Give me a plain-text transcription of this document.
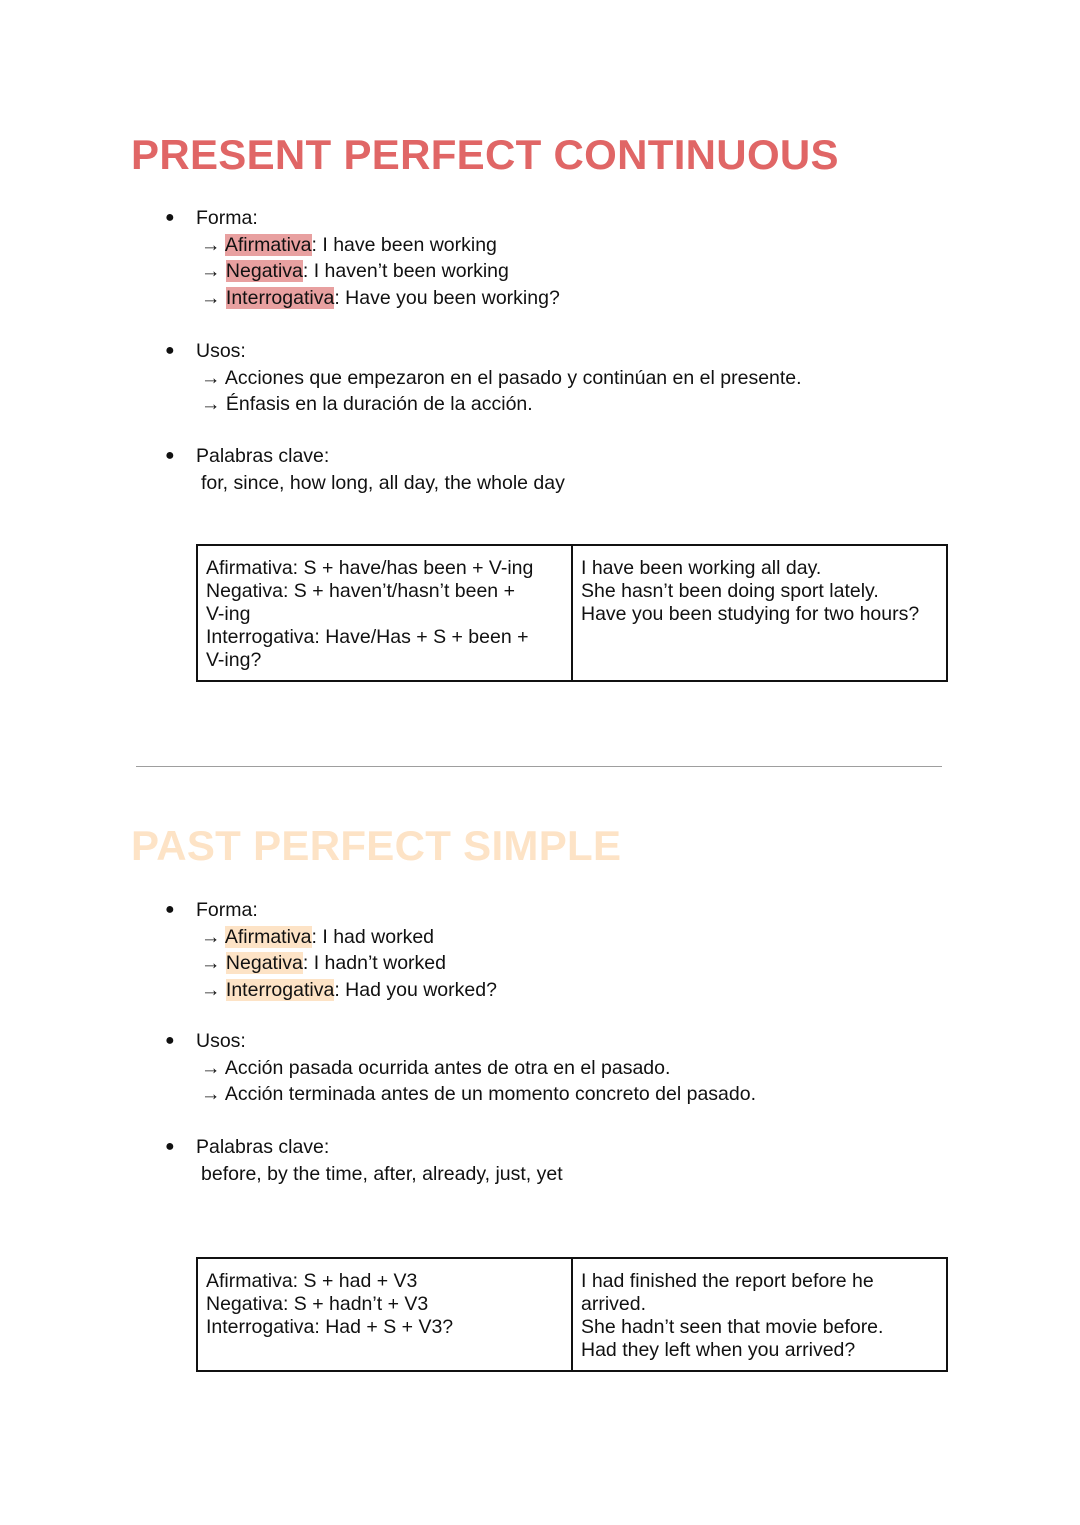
PRESENT PERFECT CONTINUOUS
● Forma:
→ Afirmativa: I have been working
→ Negativa: I haven’t been working
→ Interrogativa: Have you been working?
● Usos:
→ Acciones que empezaron en el pasado y continúan en el presente.
→ Énfasis en la duración de la acción.
● Palabras clave:
for, since, how long, all day, the whole day
Afirmativa: S + have/has been + V-ing
Negativa: S + haven’t/hasn’t been +
V-ing
Interrogativa: Have/Has + S + been +
V-ing?

I have been working all day.
She hasn’t been doing sport lately.
Have you been studying for two hours?
PAST PERFECT SIMPLE
● Forma:
→ Afirmativa: I had worked
→ Negativa: I hadn’t worked
→ Interrogativa: Had you worked?
● Usos:
→ Acción pasada ocurrida antes de otra en el pasado.
→ Acción terminada antes de un momento concreto del pasado.
● Palabras clave:
before, by the time, after, already, just, yet
Afirmativa: S + had + V3
Negativa: S + hadn’t + V3
Interrogativa: Had + S + V3?

I had finished the report before he
arrived.
She hadn’t seen that movie before.
Had they left when you arrived?
